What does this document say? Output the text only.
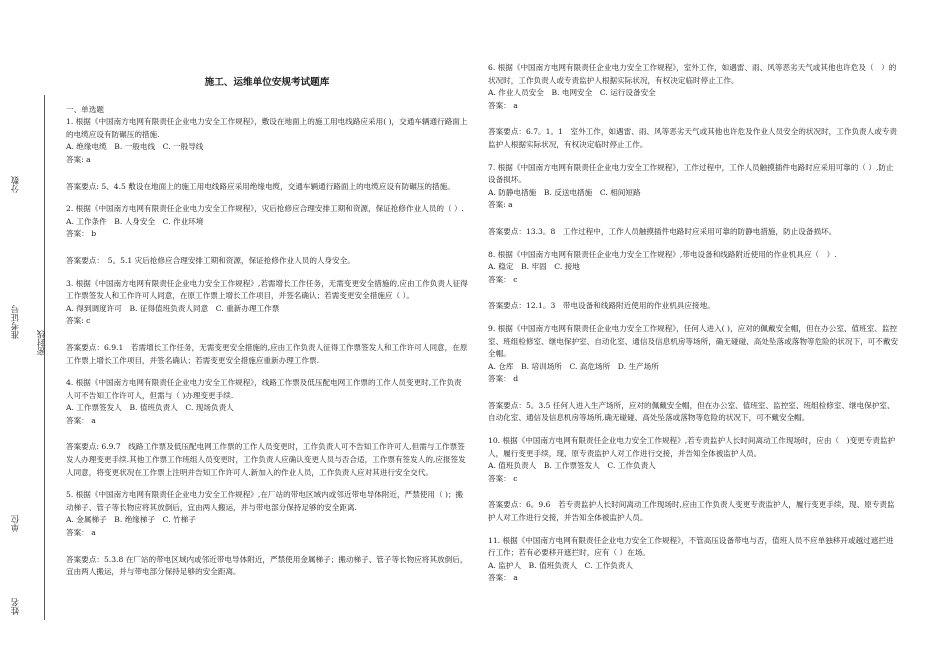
分数
准考证号
密封线
单位
姓名
施工、运维单位安规考试题库

一、单选题

1. 根据《中国南方电网有限责任企业电力安全工作规程》，敷设在地面上的施工用电线路应采用( )，交通车辆通行路面上的电缆应设有防碾压的措施.

A. 绝缘电缆　B. 一般电线　C. 一般导线

答案: a

答案要点: 5、4.5 敷设在地面上的施工用电线路应采用绝缘电缆，交通车辆通行路面上的电缆应设有防碾压的措施。

2. 根据《中国南方电网有限责任企业电力安全工作规程》，灾后抢修应合理安排工期和资源，保证抢修作业人员的（ ）.

A. 工作条件　B. 人身安全　C. 作业环境

答案： b

答案要点：　5。5.1 灾后抢修应合理安排工期和资源，保证抢修作业人员的人身安全。

3. 根据《中国南方电网有限责任企业电力安全工作规程》,若需增长工作任务，无需变更安全措施的,应由工作负责人征得工作票签发人和工作许可人同意，在原工作票上增长工作项目，并签名确认；若需变更安全措施应（ ）。

A. 得到调度许可　B. 征得值班负责人同意　C. 重新办理工作票

答案: c

答案要点：6.9.1　若需增长工作任务，无需变更安全措施的,应由工作负责人征得工作票签发人和工作许可人同意，在原工作票上增长工作项目，并签名确认；若需变更安全措施应重新办理工作票.

4. 根据《中国南方电网有限责任企业电力安全工作规程》，线路工作票及低压配电网工作票的工作人员变更时,工作负责人可不告知工作许可人，但需与（ )办理变更手续.

A. 工作票签发人　B. 值班负责人　C. 现场负责人

答案： a

答案要点: 6.9.7　线路工作票及低压配电网工作票的工作人员变更时，工作负责人可不告知工作许可人,但需与工作票签发人办理变更手续.其他工作票工作班组人员变更时，工作负责人应确认变更人员与否合适，工作票有签发人的,应报签发人同意，将变更状况在工作票上注明并告知工作许可人.新加入的作业人员，工作负责人应对其进行安全交代。

5. 根据《中国南方电网有限责任企业电力安全工作规程》,在厂站的带电区域内或邻近带电导体附近，严禁使用（ )；搬动梯子、管子等长物应将其放倒后，宜由两人搬运，并与带电部分保持足够的安全距离.

A. 金属梯子　B. 绝缘梯子　C. 竹梯子

答案： a

答案要点：5.3.8 在厂站的带电区域内或邻近带电导体附近，严禁使用金属梯子；搬动梯子、管子等长物应将其放倒后，宜由两人搬运，并与带电部分保持足够的安全距离。

6. 根据《中国南方电网有限责任企业电力安全工作规程》，室外工作，如遇雷、雨、风等恶劣天气或其他也许危及（　）的状况时，工作负责人或专责监护人根据实际状况，有权决定临时停止工作。

A. 作业人员安全　B. 电网安全　C. 运行设备安全

答案： a

答案要点：6.7。1。1　室外工作，如遇雷、雨、风等恶劣天气或其他也许危及作业人员安全的状况时，工作负责人或专责监护人根据实际状况，有权决定临时停止工作。

7. 根据《中国南方电网有限责任企业电力安全工作规程》，工作过程中，工作人员触摸插件电路时应采用可靠的（ ）,防止设备损坏。

A. 防静电措施　B. 反送电措施　C. 相间短路

答案: a

答案要点：13.3。8　工作过程中，工作人员触摸插件电路时应采用可靠的防静电措施，防止设备损坏。

8. 根据《中国南方电网有限责任企业电力安全工作规程》,带电设备和线路附近使用的作业机具应（　）.

A. 稳定　B. 牢固　C. 接地

答案： c

答案要点：12.1。3　带电设备和线路附近使用的作业机具应接地。

9. 根据《中国南方电网有限责任企业电力安全工作规程》，任何人进入( )，应对的佩戴安全帽，但在办公室、值班室、监控室、班组检修室、继电保护室、自动化室、通信及信息机房等场所，确无碰碰、高处坠落或落物等危险的状况下，可不戴安全帽。

A. 仓库　B. 培训场所　C. 高危场所　D. 生产场所

答案： d

答案要点：5。3.5 任何人进入生产场所，应对的佩戴安全帽，但在办公室、值班室、监控室、班组检修室、继电保护室、自动化室、通信及信息机房等场所,确无碰碰、高处坠落或落物等危险的状况下，可不戴安全帽。

10. 根据《中国南方电网有限责任企业电力安全工作规程》,若专责监护人长时间离动工作现场时，应由（　)变更专责监护人，履行变更手续，现、原专责监护人对工作进行交接，并告知全体被监护人员。

A. 值班负责人　B. 工作票签发人　C. 工作负责人

答案： c

答案要点：6。9.6　若专责监护人长时间离动工作现场时,应由工作负责人变更专责监护人，履行变更手续，现、原专责监护人对工作进行交接，并告知全体被监护人员。

11. 根据《中国南方电网有限责任企业电力安全工作规程》，不管高压设备带电与否，值班人员不应单独移开或越过遮拦进行工作；若有必要移开遮拦时，应有（ ）在场。

A. 监护人　B. 值班负责人　C. 工作负责人

答案： a
